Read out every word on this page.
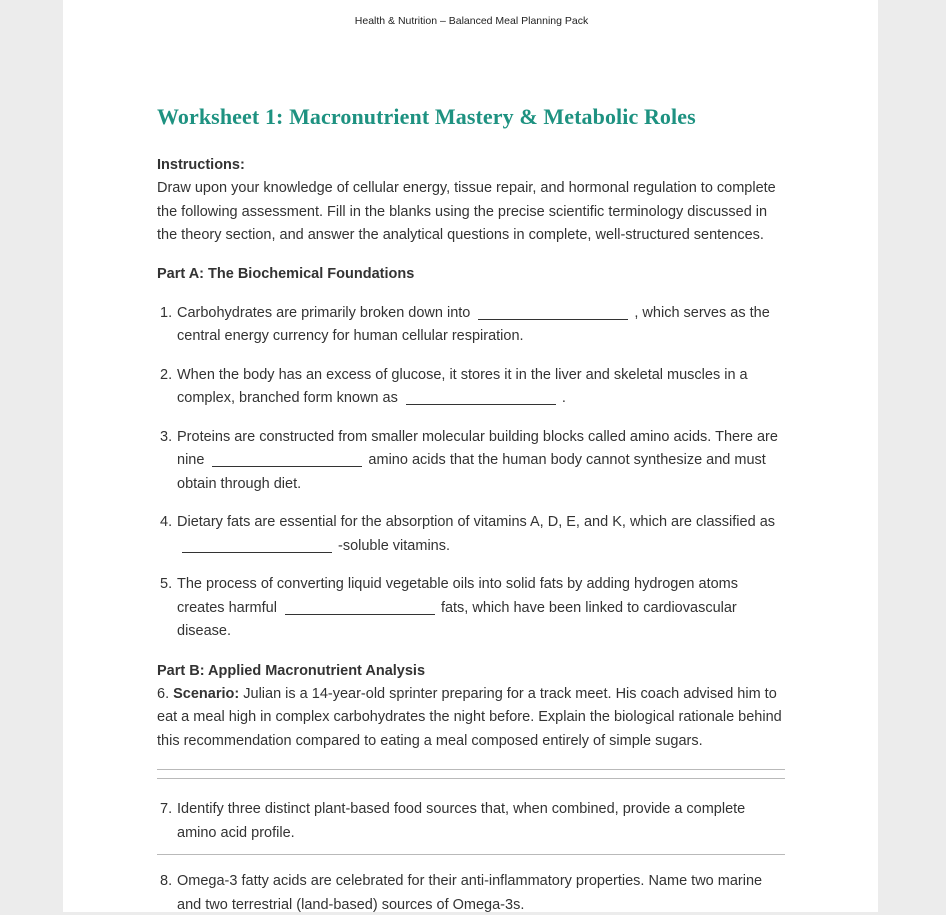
Health & Nutrition – Balanced Meal Planning Pack
Worksheet 1: Macronutrient Mastery & Metabolic Roles
Instructions:
Draw upon your knowledge of cellular energy, tissue repair, and hormonal regulation to complete the following assessment. Fill in the blanks using the precise scientific terminology discussed in the theory section, and answer the analytical questions in complete, well-structured sentences.
Part A: The Biochemical Foundations
1. Carbohydrates are primarily broken down into	, which serves as the
central energy currency for human cellular respiration.
2. When the body has an excess of glucose, it stores it in the liver and skeletal muscles in a
complex, branched form known as	.
3. Proteins are constructed from smaller molecular building blocks called amino acids. There are
nine	amino acids that the human body cannot synthesize and must
obtain through diet.
4. Dietary fats are essential for the absorption of vitamins A, D, E, and K, which are classified as
-soluble vitamins.
5. The process of converting liquid vegetable oils into solid fats by adding hydrogen atoms
creates harmful	fats, which have been linked to cardiovascular
disease.
Part B: Applied Macronutrient Analysis
6. Scenario: Julian is a 14-year-old sprinter preparing for a track meet. His coach advised him to eat a meal high in complex carbohydrates the night before. Explain the biological rationale behind this recommendation compared to eating a meal composed entirely of simple sugars.
7. Identify three distinct plant-based food sources that, when combined, provide a complete amino acid profile.
8. Omega-3 fatty acids are celebrated for their anti-inflammatory properties. Name two marine and two terrestrial (land-based) sources of Omega-3s.
